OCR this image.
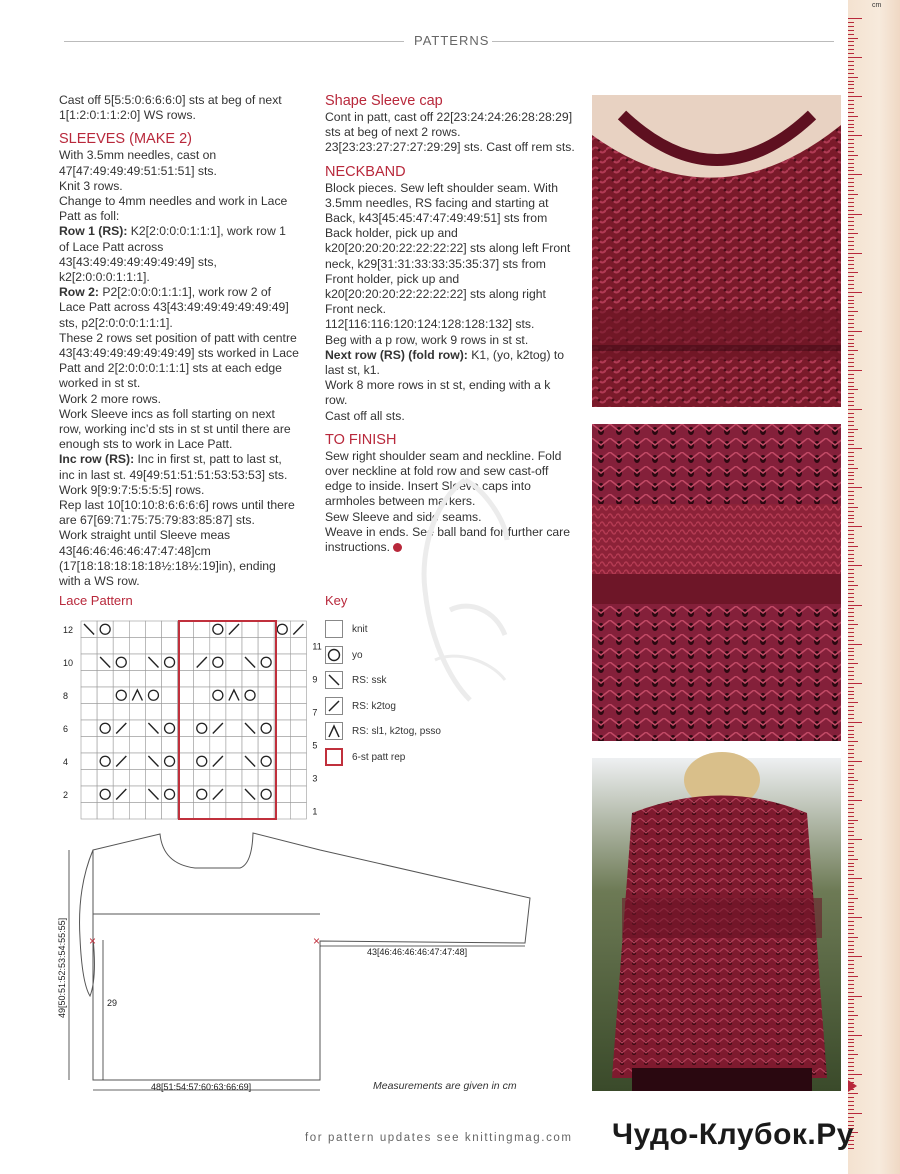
PATTERNS

Cast off 5[5:5:0:6:6:6:0] sts at beg of next 1[1:2:0:1:1:2:0] WS rows.

SLEEVES (MAKE 2)

With 3.5mm needles, cast on 47[47:49:49:49:51:51:51] sts.

Knit 3 rows.

Change to 4mm needles and work in Lace Patt as foll:

Row 1 (RS): K2[2:0:0:0:1:1:1], work row 1 of Lace Patt across 43[43:49:49:49:49:49:49] sts, k2[2:0:0:0:1:1:1].

Row 2: P2[2:0:0:0:1:1:1], work row 2 of Lace Patt across 43[43:49:49:49:49:49:49] sts, p2[2:0:0:0:1:1:1].

These 2 rows set position of patt with centre 43[43:49:49:49:49:49:49] sts worked in Lace Patt and 2[2:0:0:0:1:1:1] sts at each edge worked in st st.

Work 2 more rows.

Work Sleeve incs as foll starting on next row, working inc’d sts in st st until there are enough sts to work in Lace Patt.

Inc row (RS): Inc in first st, patt to last st, inc in last st. 49[49:51:51:51:53:53:53] sts.

Work 9[9:9:7:5:5:5:5] rows.

Rep last 10[10:10:8:6:6:6:6] rows until there are 67[69:71:75:75:79:83:85:87] sts.

Work straight until Sleeve meas 43[46:46:46:46:47:47:48]cm (17[18:18:18:18:18½:18½:19]in), ending with a WS row.

Shape Sleeve cap

Cont in patt, cast off 22[23:24:24:26:28:28:29] sts at beg of next 2 rows. 23[23:23:27:27:27:29:29] sts. Cast off rem sts.

NECKBAND

Block pieces. Sew left shoulder seam. With 3.5mm needles, RS facing and starting at Back, k43[45:45:47:47:49:49:51] sts from Back holder, pick up and k20[20:20:20:22:22:22:22] sts along left Front neck, k29[31:31:33:33:35:35:37] sts from Front holder, pick up and k20[20:20:20:22:22:22:22] sts along right Front neck. 112[116:116:120:124:128:128:132] sts.

Beg with a p row, work 9 rows in st st.

Next row (RS) (fold row): K1, (yo, k2tog) to last st, k1.

Work 8 more rows in st st, ending with a k row.

Cast off all sts.

TO FINISH

Sew right shoulder seam and neckline. Fold over neckline at fold row and sew cast-off edge to inside. Insert Sleeve caps into armholes between markers.

Sew Sleeve and side seams.

Weave in ends. See ball band for further care instructions.

Lace Pattern
12
10
8
6
4
2
11
9
7
5
3
1
Key
knit
yo
RS: ssk
RS: k2tog
RS: sl1, k2tog, psso
6-st patt rep
×	×
49[50:51:52:53:54:55:55]	29
48[51:54:57:60:63:66:69]
43[46:46:46:46:47:47:48]
Measurements are given in cm
cm
for pattern updates see knittingmag.com Чудо-Клубок.Ру
